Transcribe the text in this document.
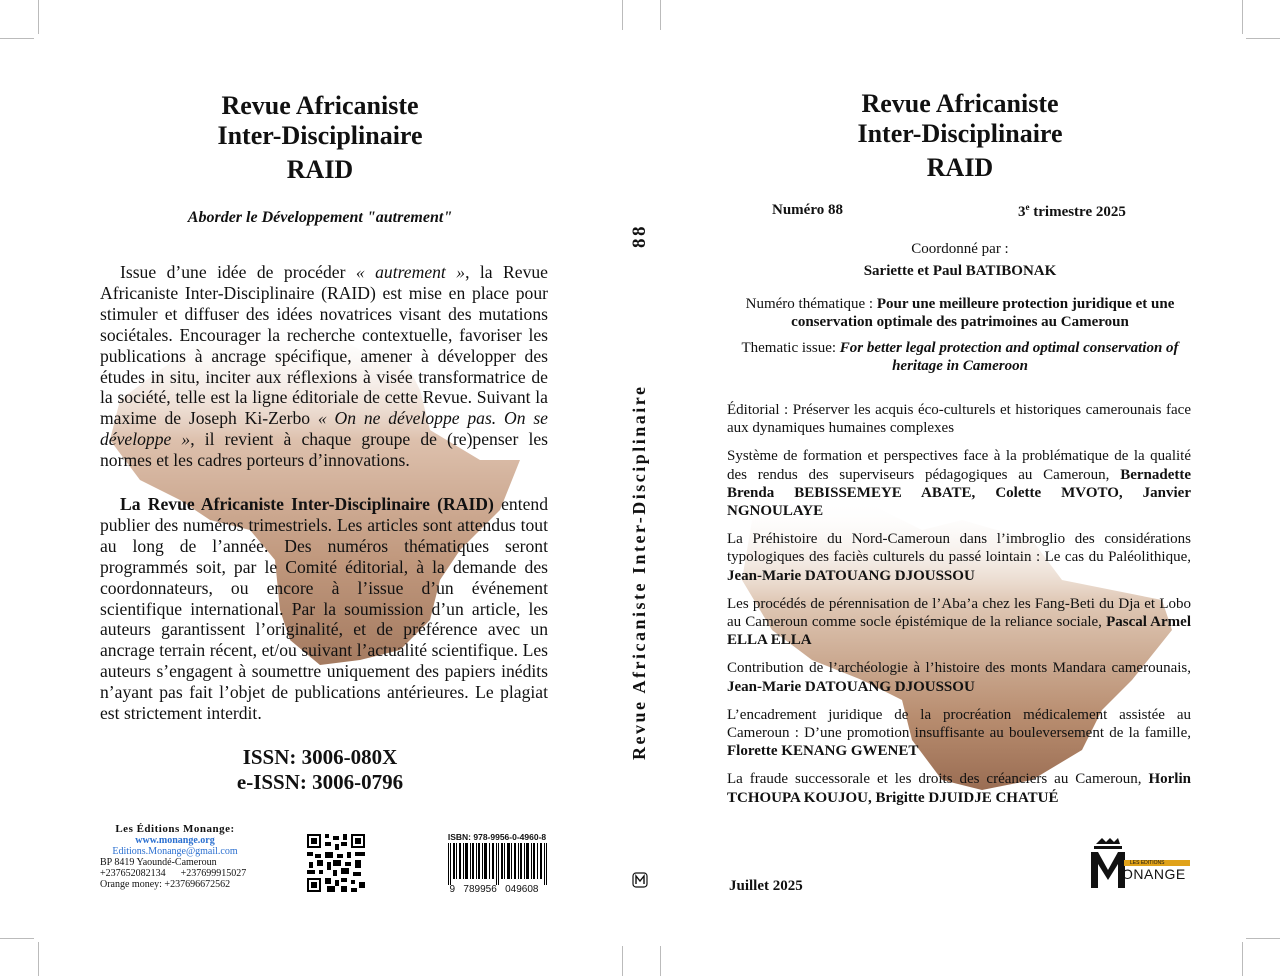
Revue Africaniste
Inter-Disciplinaire
RAID
Aborder le Développement "autrement"
Issue d’une idée de procéder « autrement », la Revue Africaniste Inter-Disciplinaire (RAID) est mise en place pour stimuler et diffuser des idées novatrices visant des mutations sociétales. Encourager la recherche contextuelle, favoriser les publications à ancrage spécifique, amener à développer des études in situ, inciter aux réflexions à visée transformatrice de la société, telle est la ligne éditoriale de cette Revue. Suivant la maxime de Joseph Ki-Zerbo « On ne développe pas. On se développe », il revient à chaque groupe de (re)penser les normes et les cadres porteurs d’innovations.
La Revue Africaniste Inter-Disciplinaire (RAID) entend publier des numéros trimestriels. Les articles sont attendus tout au long de l’année. Des numéros thématiques seront programmés soit, par le Comité éditorial, à la demande des coordonnateurs, ou encore à l’issue d’un événement scientifique international. Par la soumission d’un article, les auteurs garantissent l’originalité, et de préférence avec un ancrage terrain récent, et/ou suivant l’actualité scientifique. Les auteurs s’engagent à soumettre uniquement des papiers inédits n’ayant pas fait l’objet de publications antérieures. Le plagiat est strictement interdit.
ISSN: 3006-080X
e-ISSN: 3006-0796
Les Éditions Monange:
www.monange.org
Editions.Monange@gmail.com
BP 8419 Yaoundé-Cameroun
+237652082134      +237699915027
Orange money: +237696672562
ISBN: 978-9956-0-4960-8
9   789956   049608
88
Revue Africaniste Inter-Disciplinaire
Revue Africaniste
Inter-Disciplinaire
RAID
Numéro 88	3e trimestre 2025
Coordonné par :
Sariette et Paul BATIBONAK
Numéro thématique : Pour une meilleure protection juridique et une conservation optimale des patrimoines au Cameroun
Thematic issue: For better legal protection and optimal conservation of heritage in Cameroon

Éditorial : Préserver les acquis éco-culturels et historiques camerounais face aux dynamiques humaines complexes

Système de formation et perspectives face à la problématique de la qualité des rendus des superviseurs pédagogiques au Cameroun, Bernadette Brenda BEBISSEMEYE ABATE, Colette MVOTO, Janvier NGNOULAYE

La Préhistoire du Nord-Cameroun dans l’imbroglio des considérations typologiques des faciès culturels du passé lointain : Le cas du Paléolithique, Jean-Marie DATOUANG DJOUSSOU

Les procédés de pérennisation de l’Aba’a chez les Fang-Beti du Dja et Lobo au Cameroun comme socle épistémique de la reliance sociale, Pascal Armel ELLA ELLA

Contribution de l’archéologie à l’histoire des monts Mandara camerounais, Jean-Marie DATOUANG DJOUSSOU

L’encadrement juridique de la procréation médicalement assistée au Cameroun : D’une promotion insuffisante au bouleversement de la famille, Florette KENANG GWENET

La fraude successorale et les droits des créanciers au Cameroun, Horlin TCHOUPA KOUJOU, Brigitte DJUIDJE CHATUÉ

Juillet 2025
LES EDITIONS
ONANGE
